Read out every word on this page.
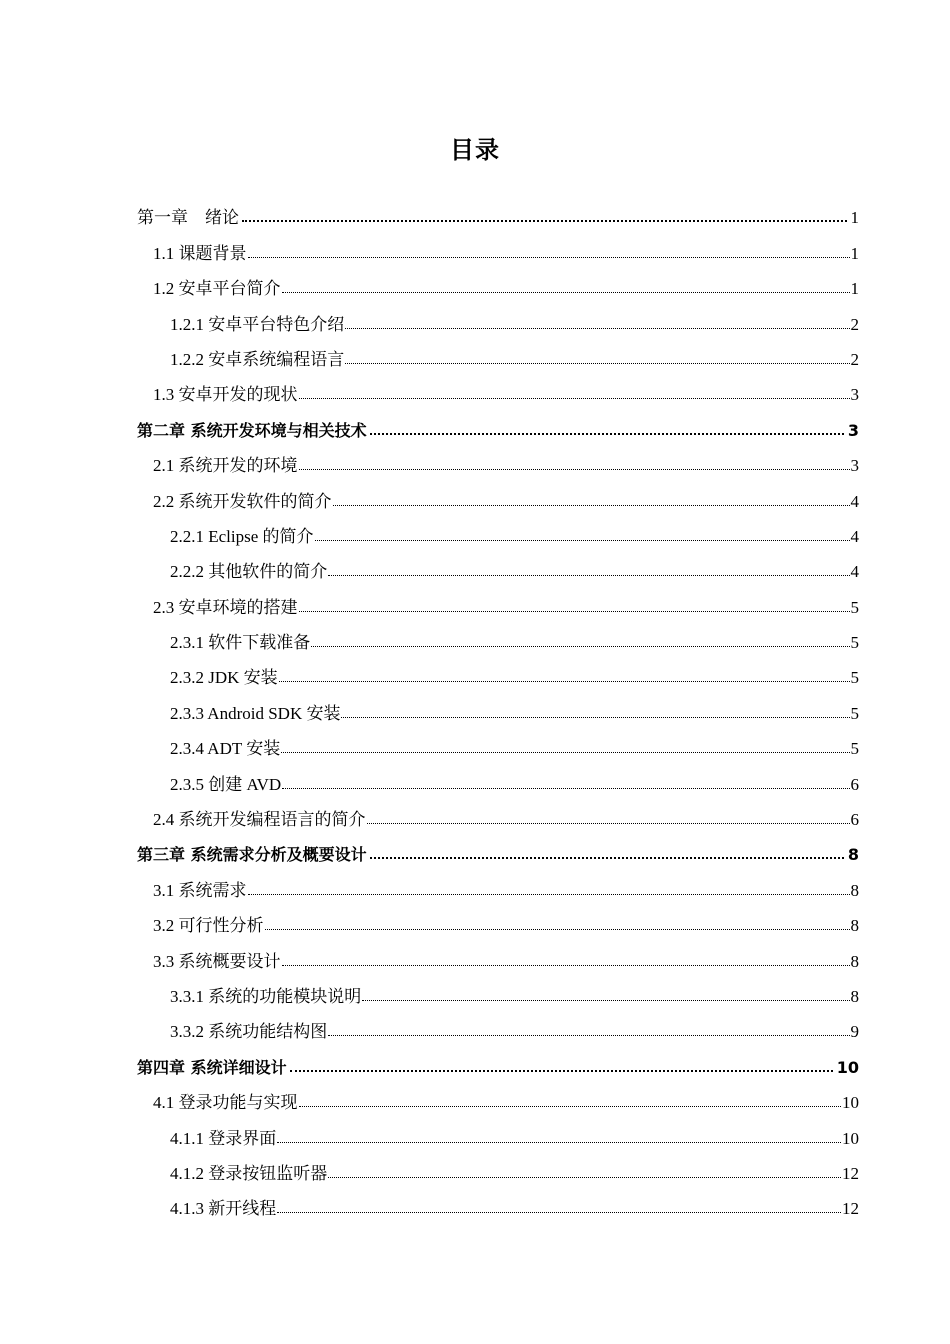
目录
第一章　绪论	1
1.1 课题背景	1
1.2 安卓平台简介	1
1.2.1 安卓平台特色介绍	2
1.2.2 安卓系统编程语言	2
1.3 安卓开发的现状	3
第二章 系统开发环境与相关技术	3
2.1 系统开发的环境	3
2.2 系统开发软件的简介	4
2.2.1 Eclipse 的简介	4
2.2.2 其他软件的简介	4
2.3 安卓环境的搭建	5
2.3.1 软件下载准备	5
2.3.2 JDK 安装	5
2.3.3 Android SDK 安装	5
2.3.4 ADT 安装	5
2.3.5 创建 AVD	6
2.4 系统开发编程语言的简介	6
第三章 系统需求分析及概要设计	8
3.1 系统需求	8
3.2 可行性分析	8
3.3 系统概要设计	8
3.3.1 系统的功能模块说明	8
3.3.2 系统功能结构图	9
第四章 系统详细设计	10
4.1 登录功能与实现	10
4.1.1 登录界面	10
4.1.2 登录按钮监听器	12
4.1.3 新开线程	12
